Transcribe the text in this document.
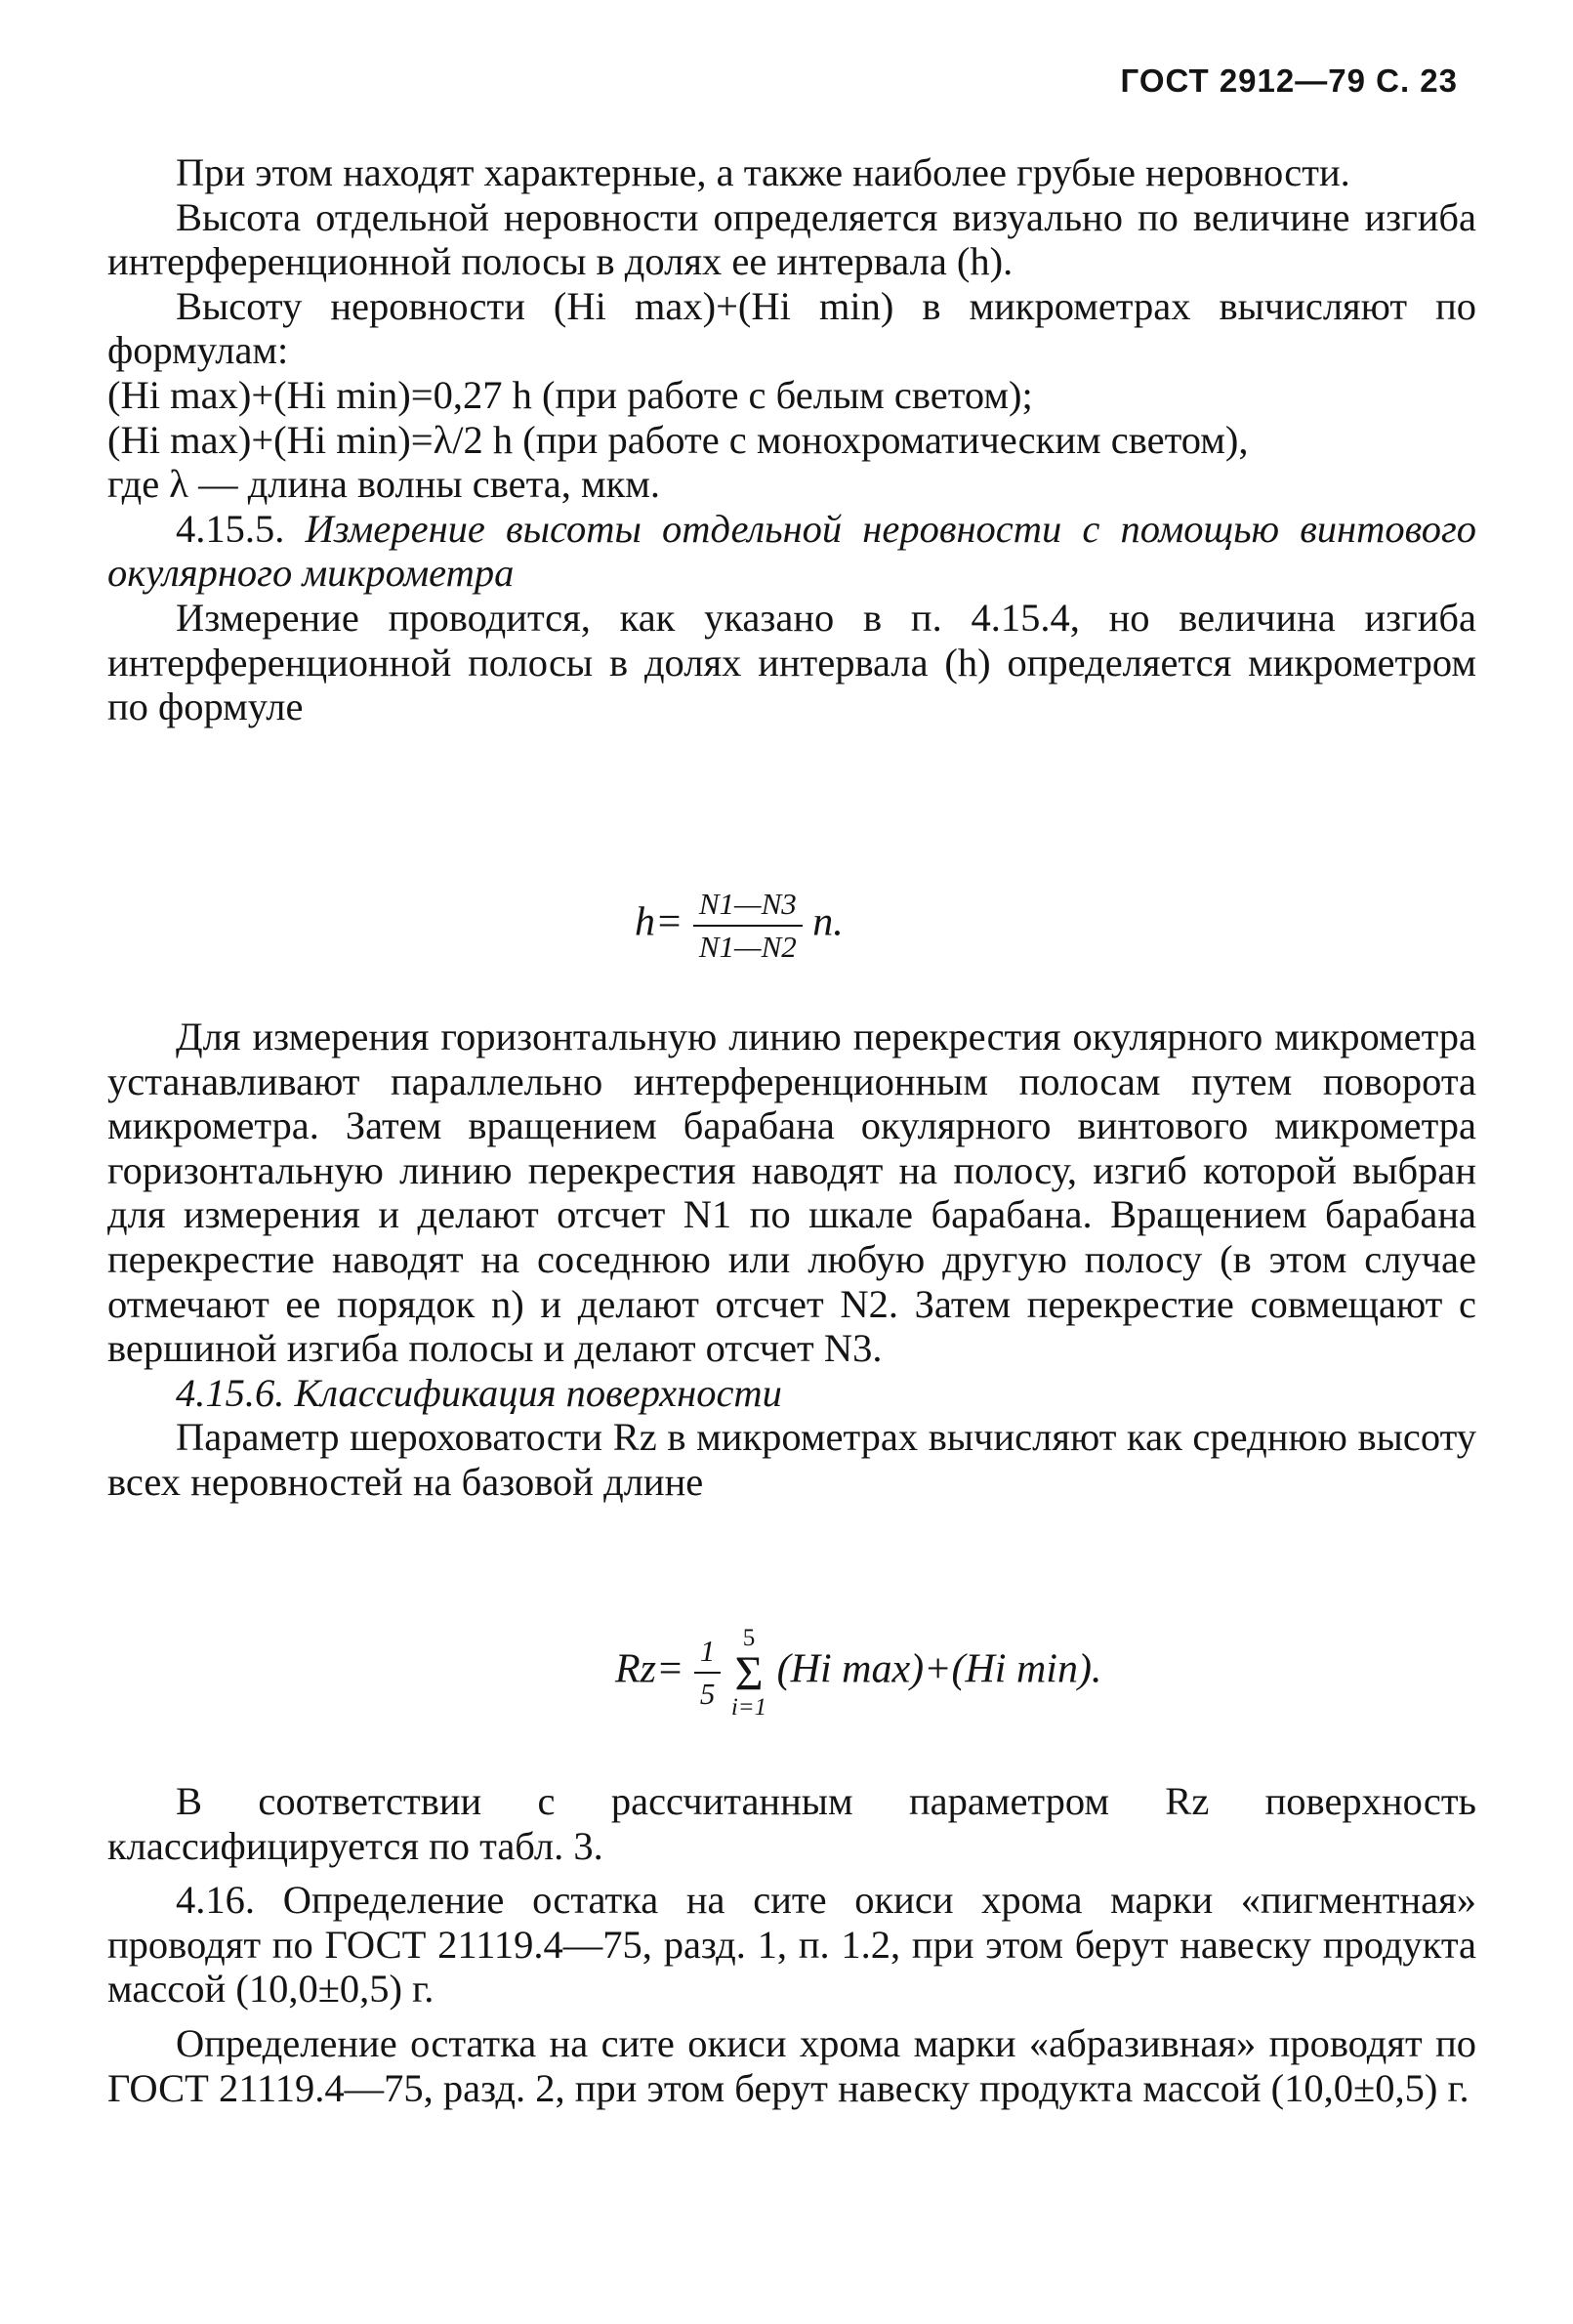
ГОСТ 2912—79 С. 23

При этом находят характерные, а также наиболее грубые неровности.

Высота отдельной неровности определяется визуально по величине изгиба интерференционной полосы в долях ее интервала (h).

Высоту неровности (Hi max)+(Hi min) в микрометрах вычисляют по формулам:

(Hi max)+(Hi min)=0,27 h (при работе с белым светом);

(Hi max)+(Hi min)=λ/2 h (при работе с монохроматическим светом),

где λ — длина волны света, мкм.

4.15.5. Измерение высоты отдельной неровности с помощью винтового окулярного микрометра

Измерение проводится, как указано в п. 4.15.4, но величина изгиба интерференционной полосы в долях интервала (h) определяется микрометром по формуле

$h= \frac{N1—N3}{N1—N2} n$.

Для измерения горизонтальную линию перекрестия окулярного микрометра устанавливают параллельно интерференционным полосам путем поворота микрометра. Затем вращением барабана окулярного винтового микрометра горизонтальную линию перекрестия наводят на полосу, изгиб которой выбран для измерения и делают отсчет N1 по шкале барабана. Вращением барабана перекрестие наводят на соседнюю или любую другую полосу (в этом случае отмечают ее порядок n) и делают отсчет N2. Затем перекрестие совмещают с вершиной изгиба полосы и делают отсчет N3.

4.15.6. Классификация поверхности

Параметр шероховатости Rz в микрометрах вычисляют как среднюю высоту всех неровностей на базовой длине

$Rz= \frac{1}{5}$
5
Σ
i=1
(Hi max)+(Hi min).

В соответствии с рассчитанным параметром Rz поверхность классифицируется по табл. 3.

4.16. Определение остатка на сите окиси хрома марки «пигментная» проводят по ГОСТ 21119.4—75, разд. 1, п. 1.2, при этом берут навеску продукта массой (10,0±0,5) г.

Определение остатка на сите окиси хрома марки «абразивная» проводят по ГОСТ 21119.4—75, разд. 2, при этом берут навеску продукта массой (10,0±0,5) г.
